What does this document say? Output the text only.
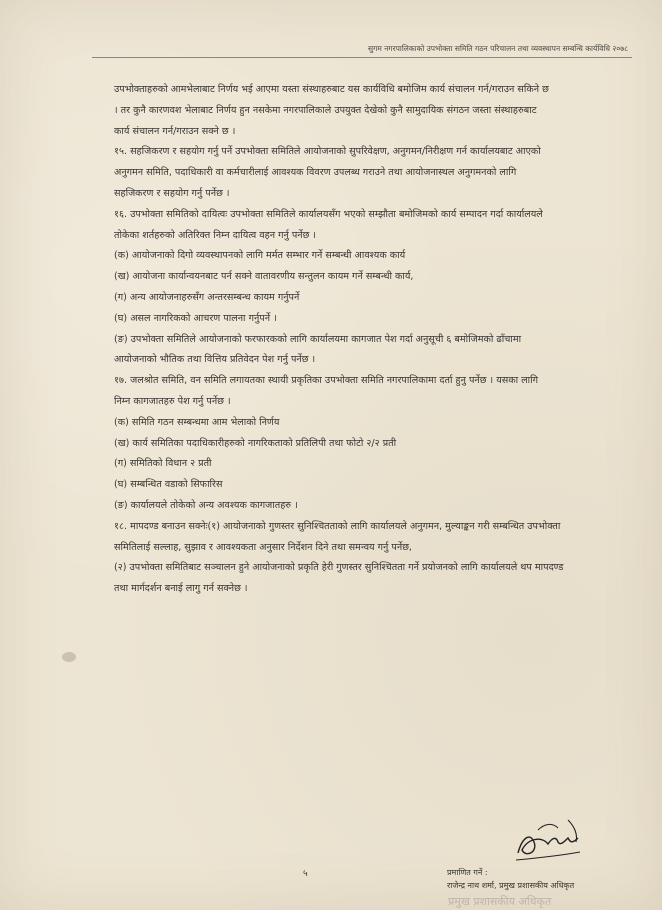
सुगम नगरपालिकाको उपभोक्ता समिति गठन परिचालन तथा व्यवस्थापन सम्बन्धि कार्यविधि २०७८

उपभोक्ताहरुको आमभेलाबाट निर्णय भई आएमा यस्ता संस्थाहरुबाट यस कार्यविधि बमोजिम कार्य संचालन गर्न/गराउन सकिने छ

। तर कुनै कारणवश भेलाबाट निर्णय हुन नसकेमा नगरपालिकाले उपयुक्त देखेको कुनै सामुदायिक संगठन जस्ता संस्थाहरुबाट

कार्य संचालन गर्न/गराउन सक्ने छ ।

१५. सहजिकरण र सहयोग गर्नु पर्ने उपभोक्ता समितिले आयोजनाको सुपरिवेक्षण, अनुगमन/निरीक्षण गर्न कार्यालयबाट आएको

अनुगमन समिति, पदाधिकारी वा कर्मचारीलाई आवश्यक विवरण उपलब्ध गराउने तथा आयोजनास्थल अनुगमनको लागि

सहजिकरण र सहयोग गर्नु पर्नेछ ।

१६. उपभोक्ता समितिको दायित्वः उपभोक्ता समितिले कार्यालयसँग भएको सम्झौता बमोजिमको कार्य सम्पादन गर्दा कार्यालयले

तोकेका शर्तहरुको अतिरिक्त निम्न दायित्व वहन गर्नु पर्नेछ ।

(क) आयोजनाको दिगो व्यवस्थापनको लागि मर्मत सम्भार गर्ने सम्बन्धी आवश्यक कार्य

(ख) आयोजना कार्यान्वयनबाट पर्न सक्ने वातावरणीय सन्तुलन कायम गर्ने सम्बन्धी कार्य,

(ग) अन्य आयोजनाहरुसँग अन्तरसम्बन्ध कायम गर्नुपर्ने

(घ) असल नागरिकको आचरण पालना गर्नुपर्ने ।

(ङ) उपभोक्ता समितिले आयोजनाको फरफारकको लागि कार्यालयमा कागजात पेश गर्दा अनुसूची ६ बमोजिमको ढाँचामा

आयोजनाको भौतिक तथा वित्तिय प्रतिवेदन पेश गर्नु पर्नेछ ।

१७. जलश्रोत समिति, वन समिति लगायतका स्थायी प्रकृतिका उपभोक्ता समिति नगरपालिकामा दर्ता हुनु पर्नेछ । यसका लागि

निम्न कागजातहरु पेश गर्नु पर्नेछ ।

(क) समिति गठन सम्बन्धमा आम भेलाको निर्णय

(ख) कार्य समितिका पदाधिकारीहरुको नागरिकताको प्रतिलिपी तथा फोटो २/२ प्रती

(ग) समितिको विधान २ प्रती

(घ) सम्बन्धित वडाको सिफारिस

(ङ) कार्यालयले तोकेको अन्य अवश्यक कागजातहरु ।

१८. मापदण्ड बनाउन सक्नेः(१) आयोजनाको गुणस्तर सुनिश्चितताको लागि कार्यालयले अनुगमन, मुल्याङ्कन गरी सम्बन्धित उपभोक्ता

समितिलाई सल्लाह, सुझाव र आवश्यकता अनुसार निर्देशन दिने तथा समन्वय गर्नु पर्नेछ,

(२) उपभोक्ता समितिबाट सञ्चालन हुने आयोजनाको प्रकृति हेरी गुणस्तर सुनिश्चितता गर्ने प्रयोजनको लागि कार्यालयले थप मापदण्ड

तथा मार्गदर्शन बनाई लागु गर्न सक्नेछ ।

५	प्रमाणित गर्ने :
राजेन्द्र नाथ शर्मा, प्रमुख प्रशासकीय अधिकृत
प्रमुख प्रशासकीय अधिकृत
